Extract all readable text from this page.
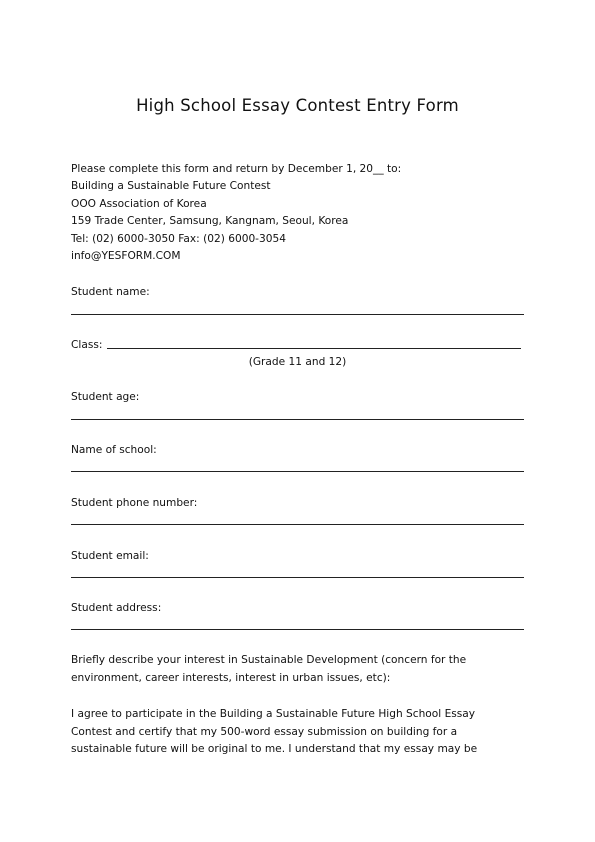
High School Essay Contest Entry Form
Please complete this form and return by December 1, 20__ to:
Building a Sustainable Future Contest
OOO Association of Korea
159 Trade Center, Samsung, Kangnam, Seoul, Korea
Tel: (02) 6000-3050 Fax: (02) 6000-3054
info@YESFORM.COM
Student name:
Class:
(Grade 11 and 12)
Student age:
Name of school:
Student phone number:
Student email:
Student address:
Briefly describe your interest in Sustainable Development (concern for the
environment, career interests, interest in urban issues, etc):
I agree to participate in the Building a Sustainable Future High School Essay
Contest and certify that my 500-word essay submission on building for a
sustainable future will be original to me. I understand that my essay may be
